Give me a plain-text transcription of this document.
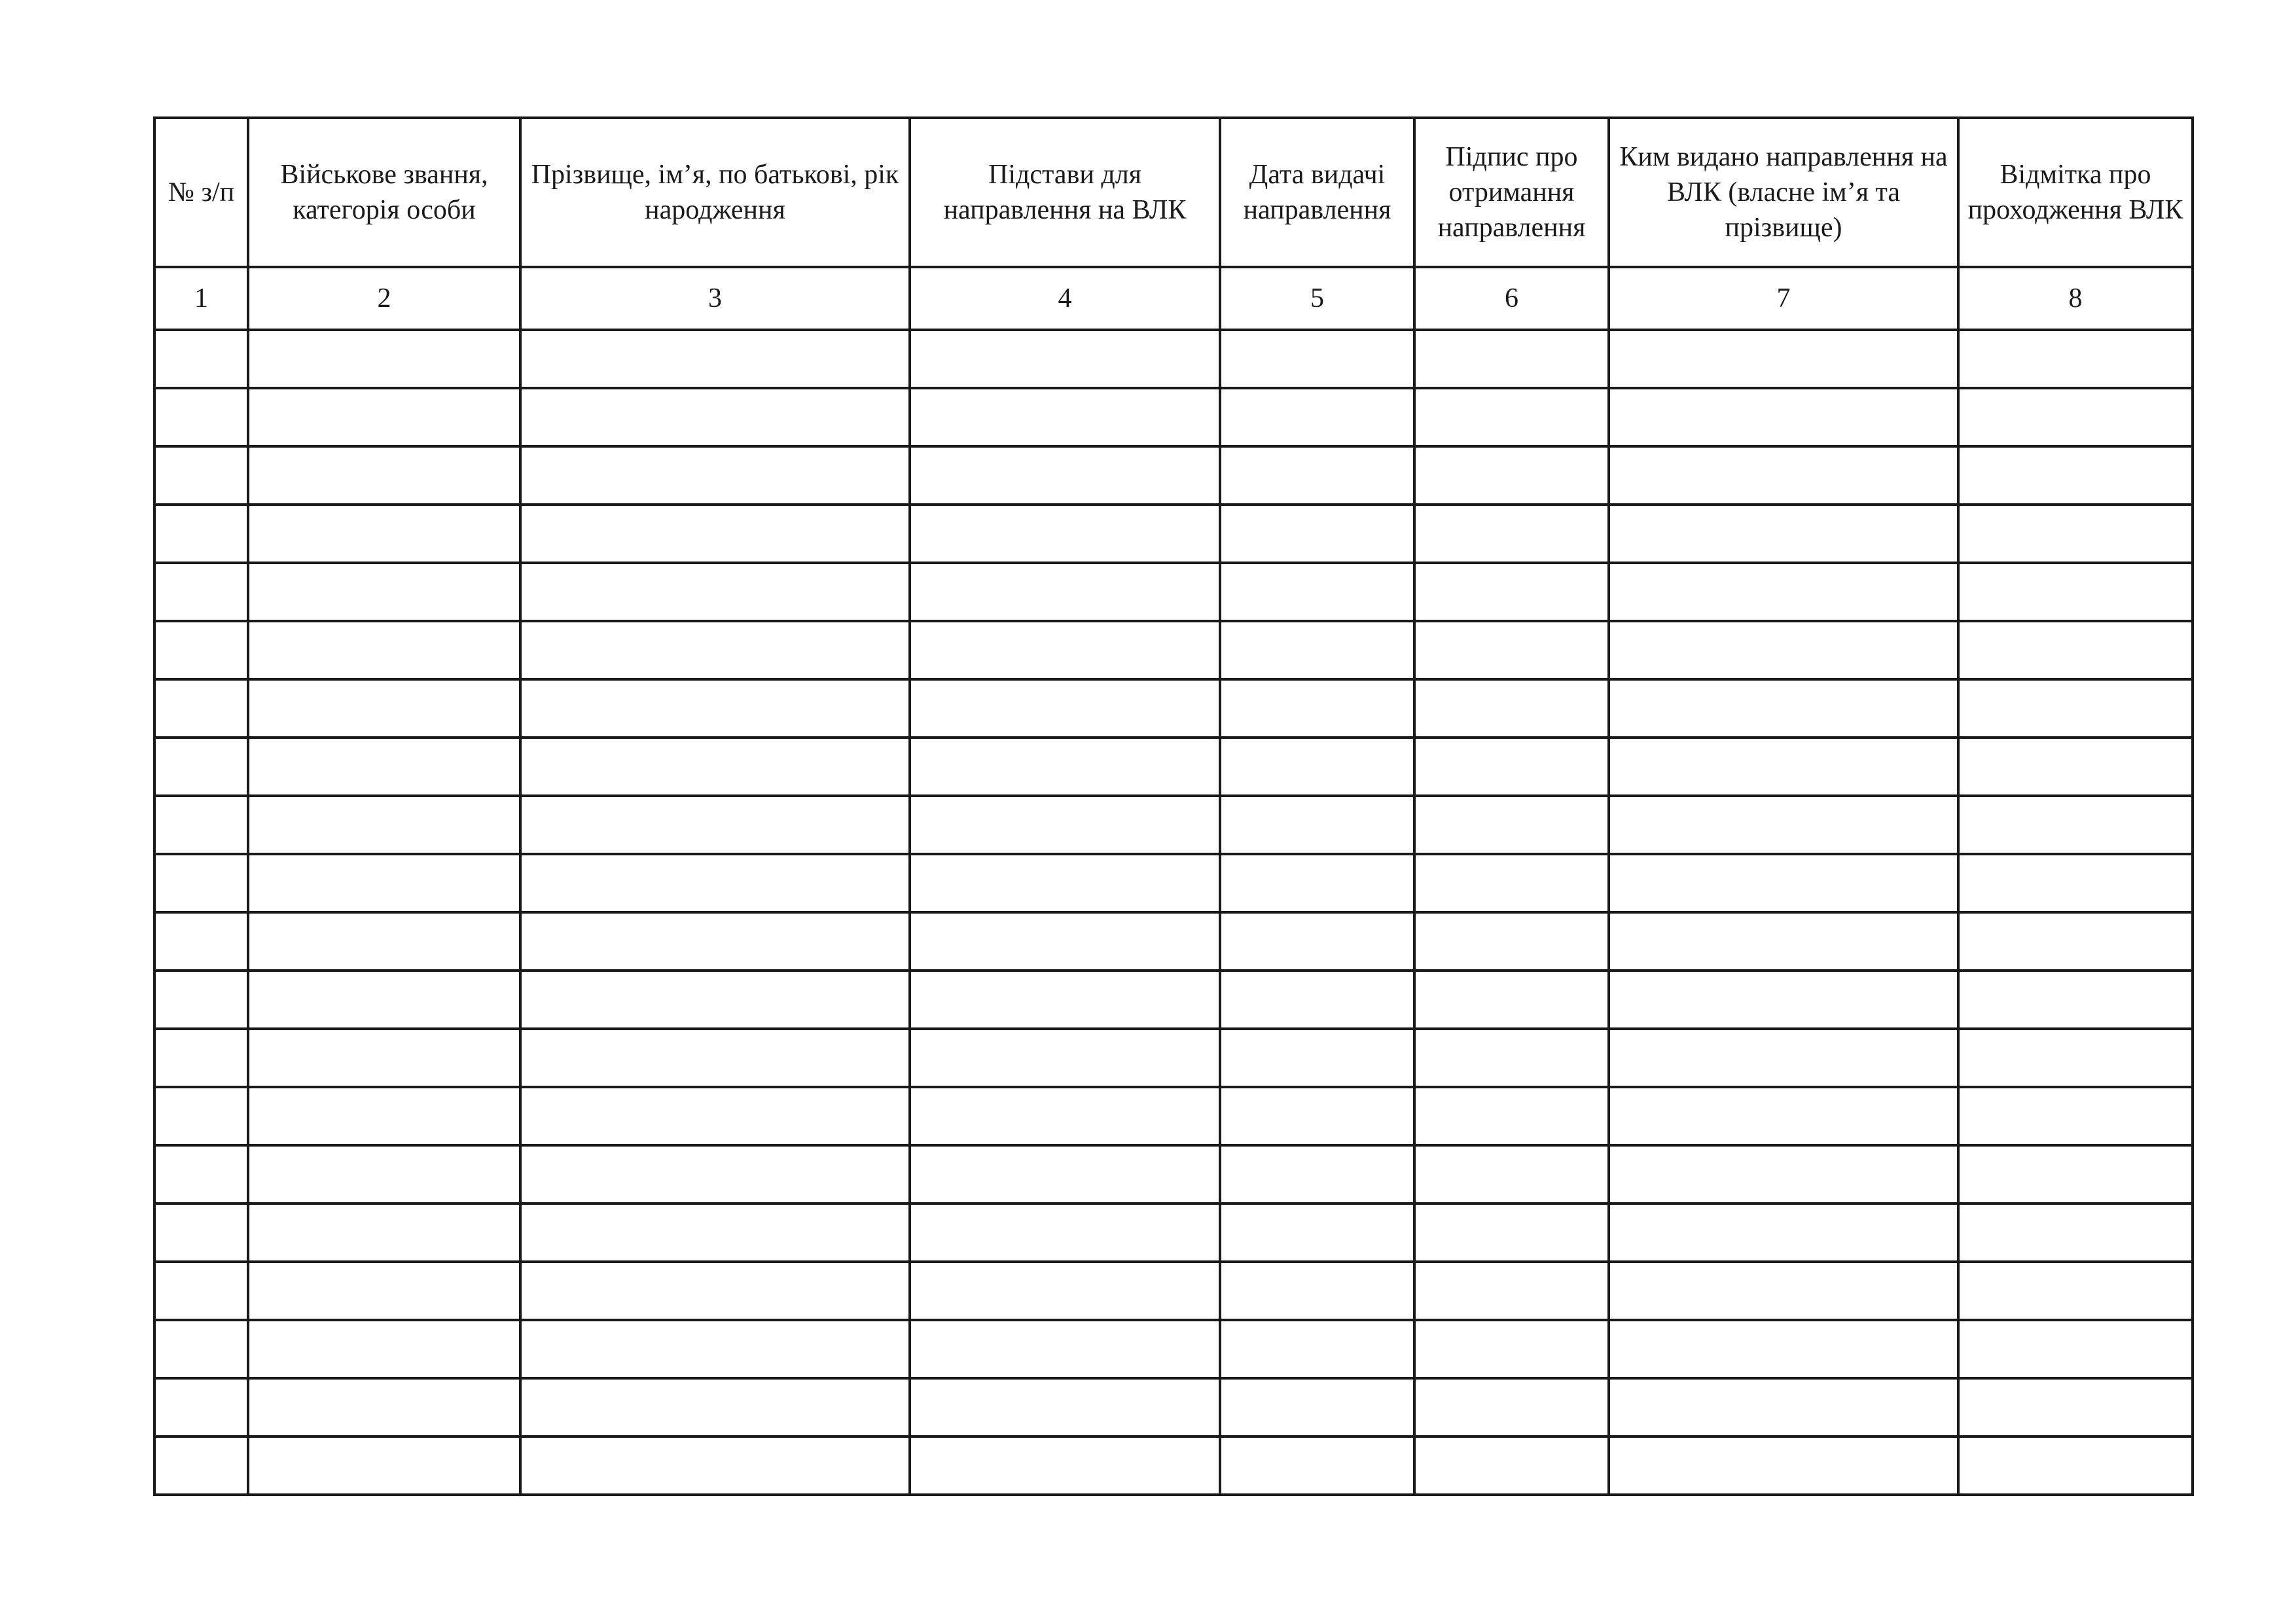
№ з/п	Військове звання, категорія особи	Прізвище, ім’я, по батькові, рік народження	Підстави для направлення на ВЛК	Дата видачі направлення	Підпис про отримання направлення	Ким видано направлення на ВЛК (власне ім’я та прізвище)	Відмітка про проходження ВЛК
1	2	3	4	5	6	7	8
